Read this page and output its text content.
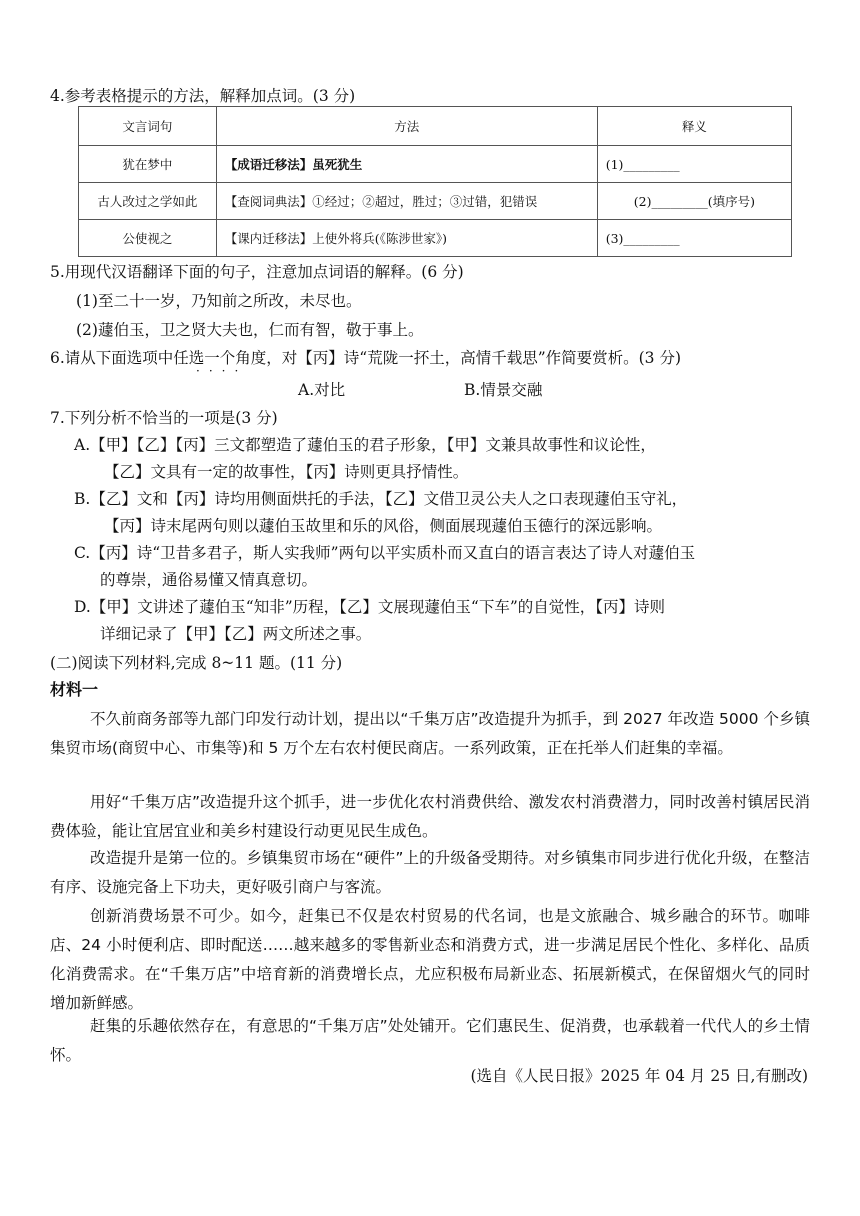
4.参考表格提示的方法，解释加点词。(3 分)
文言词句	方法	释义
犹在梦中	【成语迁移法】虽死犹生	(1)_________
古人改过之学如此	【查阅词典法】①经过；②超过，胜过；③过错，犯错误	(2)_________(填序号)
公使视之	【课内迁移法】上使外将兵(《陈涉世家》)	(3)_________
5.用现代汉语翻译下面的句子，注意加点词语的解释。(6 分)
(1)至二十一岁，乃知前之所改，未尽也。
(2)蘧伯玉，卫之贤大夫也，仁而有智，敬于事上。
6.请从下面选项中任选一个角度，对【丙】诗“荒陇一抔土，高情千载思”作简要赏析。(3 分)
·​·​·​·
A.对比	B.情景交融
7.下列分析不恰当的一项是(3 分)
A.【甲】【乙】【丙】三文都塑造了蘧伯玉的君子形象，【甲】文兼具故事性和议论性，
【乙】文具有一定的故事性，【丙】诗则更具抒情性。
B.【乙】文和【丙】诗均用侧面烘托的手法，【乙】文借卫灵公夫人之口表现蘧伯玉守礼，
【丙】诗末尾两句则以蘧伯玉故里和乐的风俗，侧面展现蘧伯玉德行的深远影响。
C.【丙】诗“卫昔多君子，斯人实我师”两句以平实质朴而又直白的语言表达了诗人对蘧伯玉
的尊崇，通俗易懂又情真意切。
D.【甲】文讲述了蘧伯玉“知非”历程，【乙】文展现蘧伯玉“下车”的自觉性，【丙】诗则
详细记录了【甲】【乙】两文所述之事。
(二)阅读下列材料,完成 8~11 题。(11 分)
材料一
不久前商务部等九部门印发行动计划，提出以“千集万店”改造提升为抓手，到 2027 年改造 5000 个乡镇集贸市场(商贸中心、市集等)和 5 万个左右农村便民商店。一系列政策，正在托举人们赶集的幸福。
用好“千集万店”改造提升这个抓手，进一步优化农村消费供给、激发农村消费潜力，同时改善村镇居民消费体验，能让宜居宜业和美乡村建设行动更见民生成色。
改造提升是第一位的。乡镇集贸市场在“硬件”上的升级备受期待。对乡镇集市同步进行优化升级，在整洁有序、设施完备上下功夫，更好吸引商户与客流。
创新消费场景不可少。如今，赶集已不仅是农村贸易的代名词，也是文旅融合、城乡融合的环节。咖啡店、24 小时便利店、即时配送……越来越多的零售新业态和消费方式，进一步满足居民个性化、多样化、品质化消费需求。在“千集万店”中培育新的消费增长点，尤应积极布局新业态、拓展新模式，在保留烟火气的同时增加新鲜感。
赶集的乐趣依然存在，有意思的“千集万店”处处铺开。它们惠民生、促消费，也承载着一代代人的乡土情怀。
(选自《人民日报》2025 年 04 月 25 日,有删改)
